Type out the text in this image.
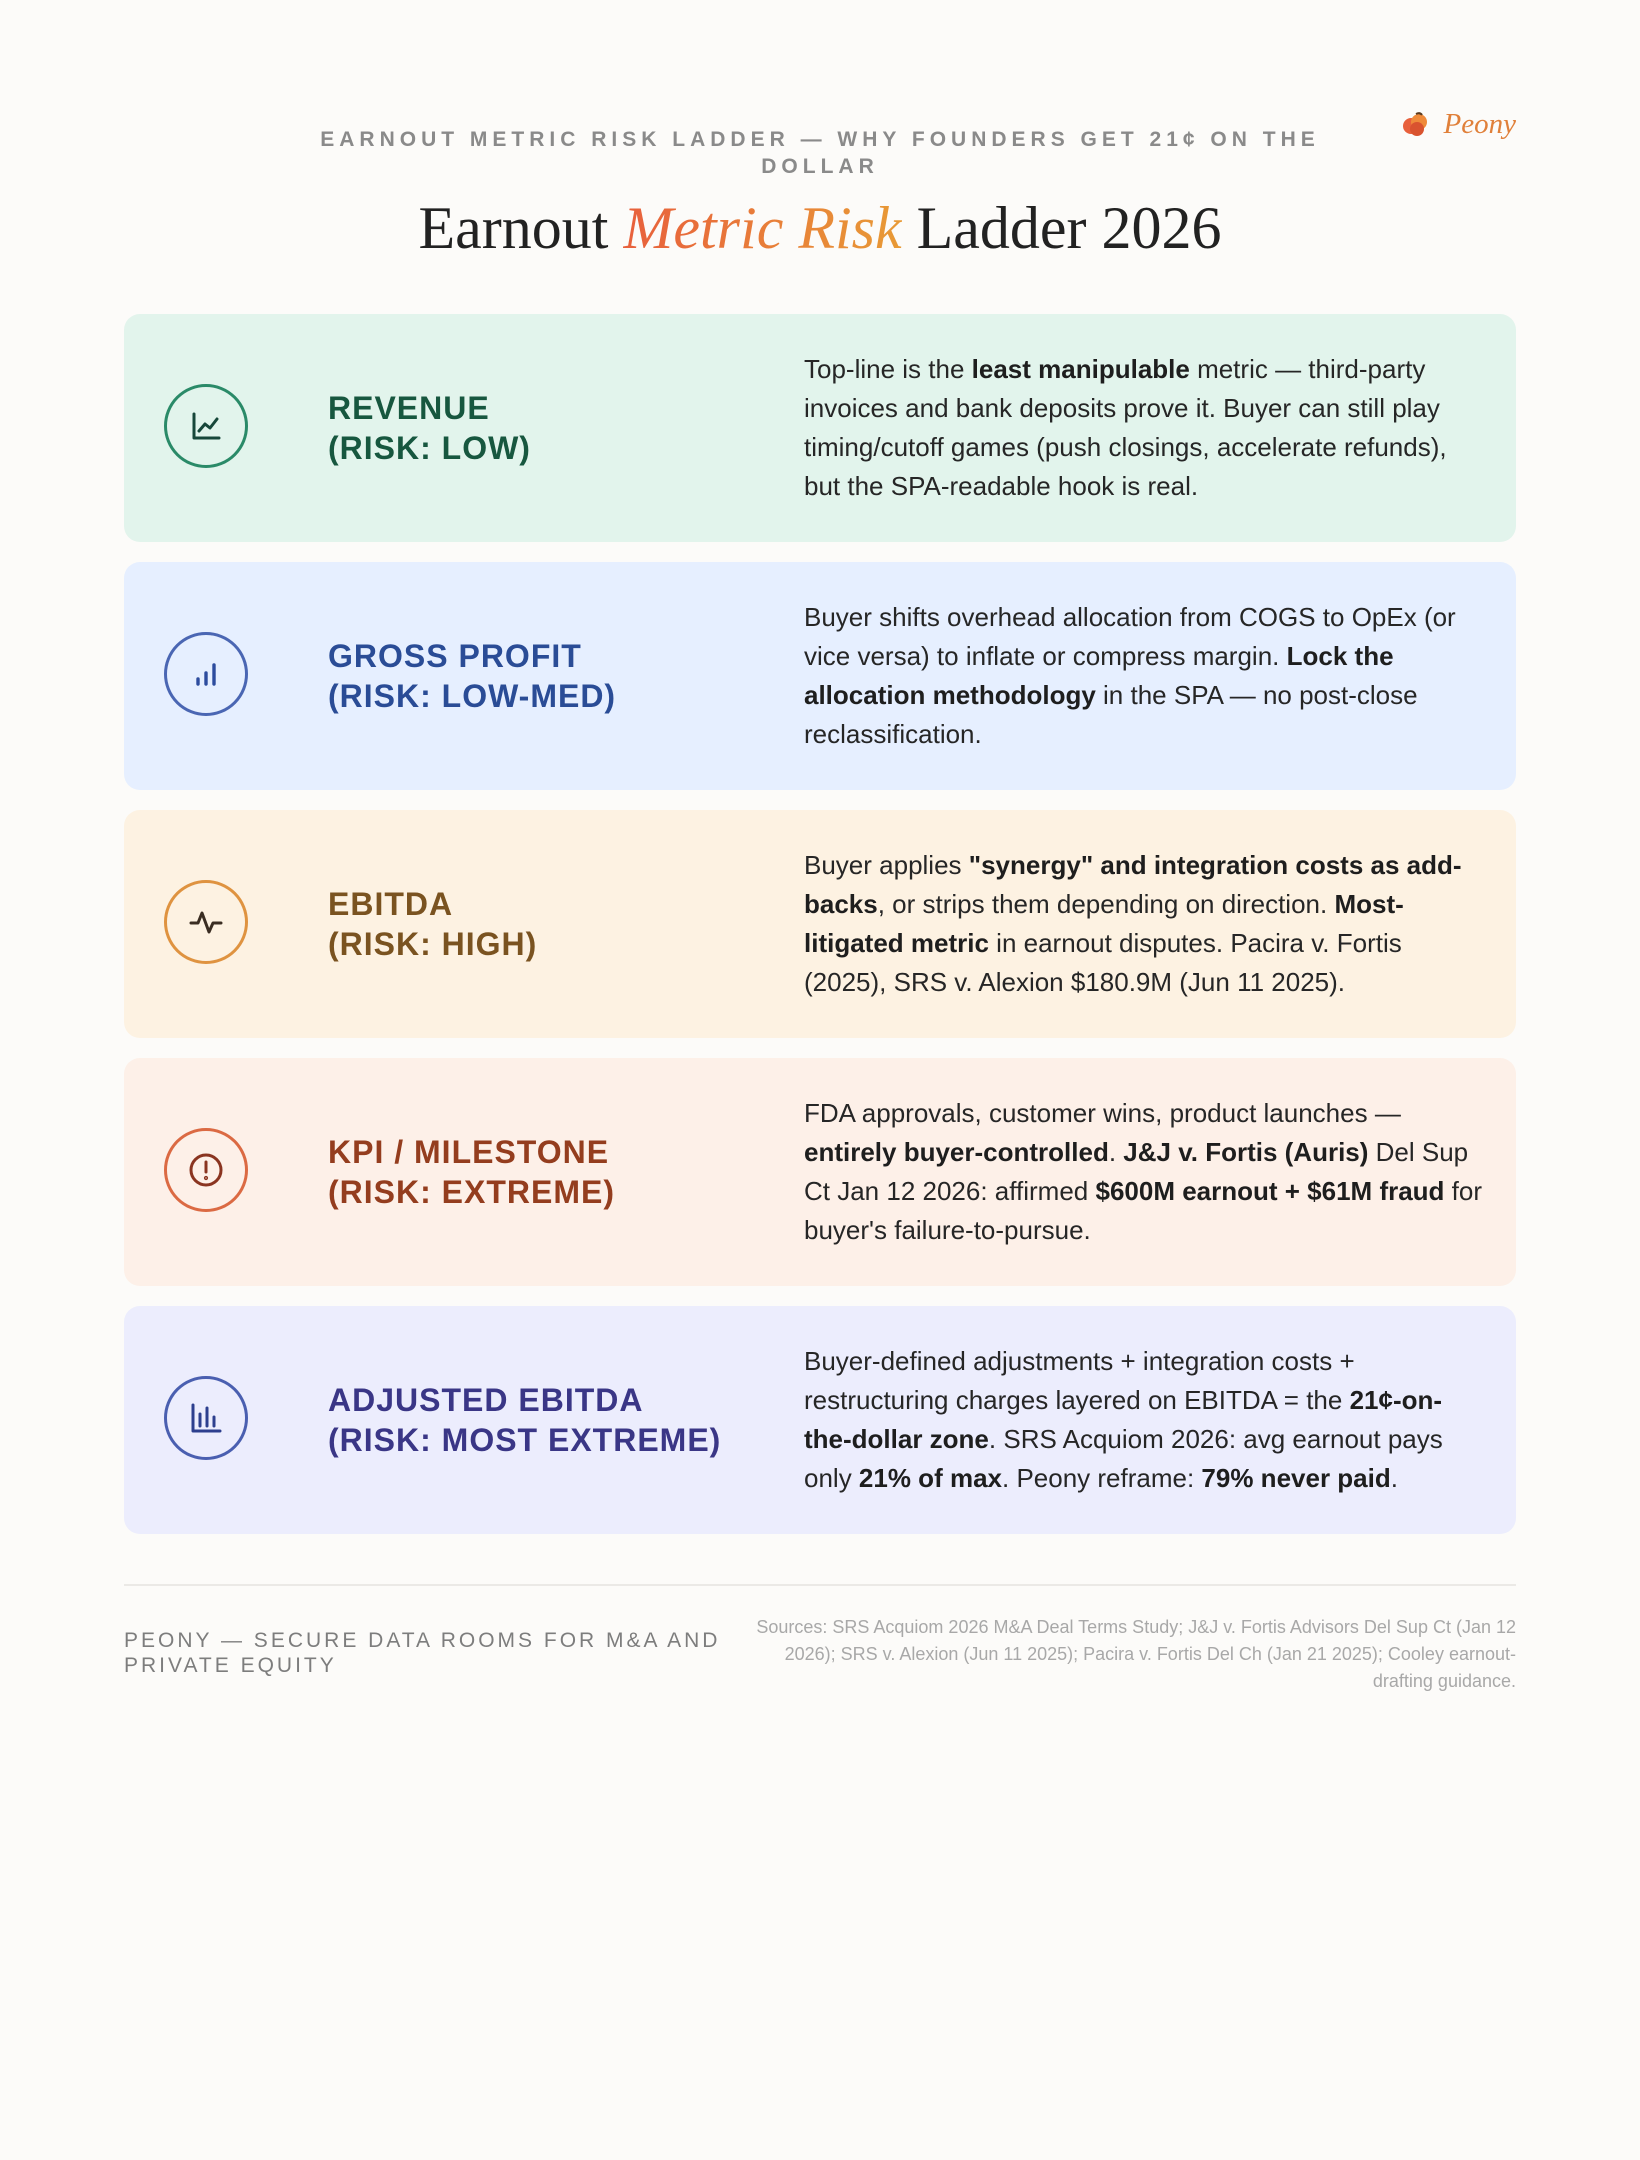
Peony
EARNOUT METRIC RISK LADDER — WHY FOUNDERS GET 21¢ ON THE DOLLAR
Earnout Metric Risk Ladder 2026
REVENUE
(RISK: LOW)

Top-line is the least manipulable metric — third-party invoices and bank deposits prove it. Buyer can still play timing/cutoff games (push closings, accelerate refunds), but the SPA-readable hook is real.

GROSS PROFIT
(RISK: LOW-MED)

Buyer shifts overhead allocation from COGS to OpEx (or vice versa) to inflate or compress margin. Lock the allocation methodology in the SPA — no post-close reclassification.

EBITDA
(RISK: HIGH)

Buyer applies "synergy" and integration costs as add-backs, or strips them depending on direction. Most-litigated metric in earnout disputes. Pacira v. Fortis (2025), SRS v. Alexion $180.9M (Jun 11 2025).

KPI / MILESTONE
(RISK: EXTREME)

FDA approvals, customer wins, product launches — entirely buyer-controlled. J&J v. Fortis (Auris) Del Sup Ct Jan 12 2026: affirmed $600M earnout + $61M fraud for buyer's failure-to-pursue.

ADJUSTED EBITDA
(RISK: MOST EXTREME)

Buyer-defined adjustments + integration costs + restructuring charges layered on EBITDA = the 21¢-on-the-dollar zone. SRS Acquiom 2026: avg earnout pays only 21% of max. Peony reframe: 79% never paid.

PEONY — SECURE DATA ROOMS FOR M&A AND PRIVATE EQUITY
Sources: SRS Acquiom 2026 M&A Deal Terms Study; J&J v. Fortis Advisors Del Sup Ct (Jan 12 2026); SRS v. Alexion (Jun 11 2025); Pacira v. Fortis Del Ch (Jan 21 2025); Cooley earnout-drafting guidance.
